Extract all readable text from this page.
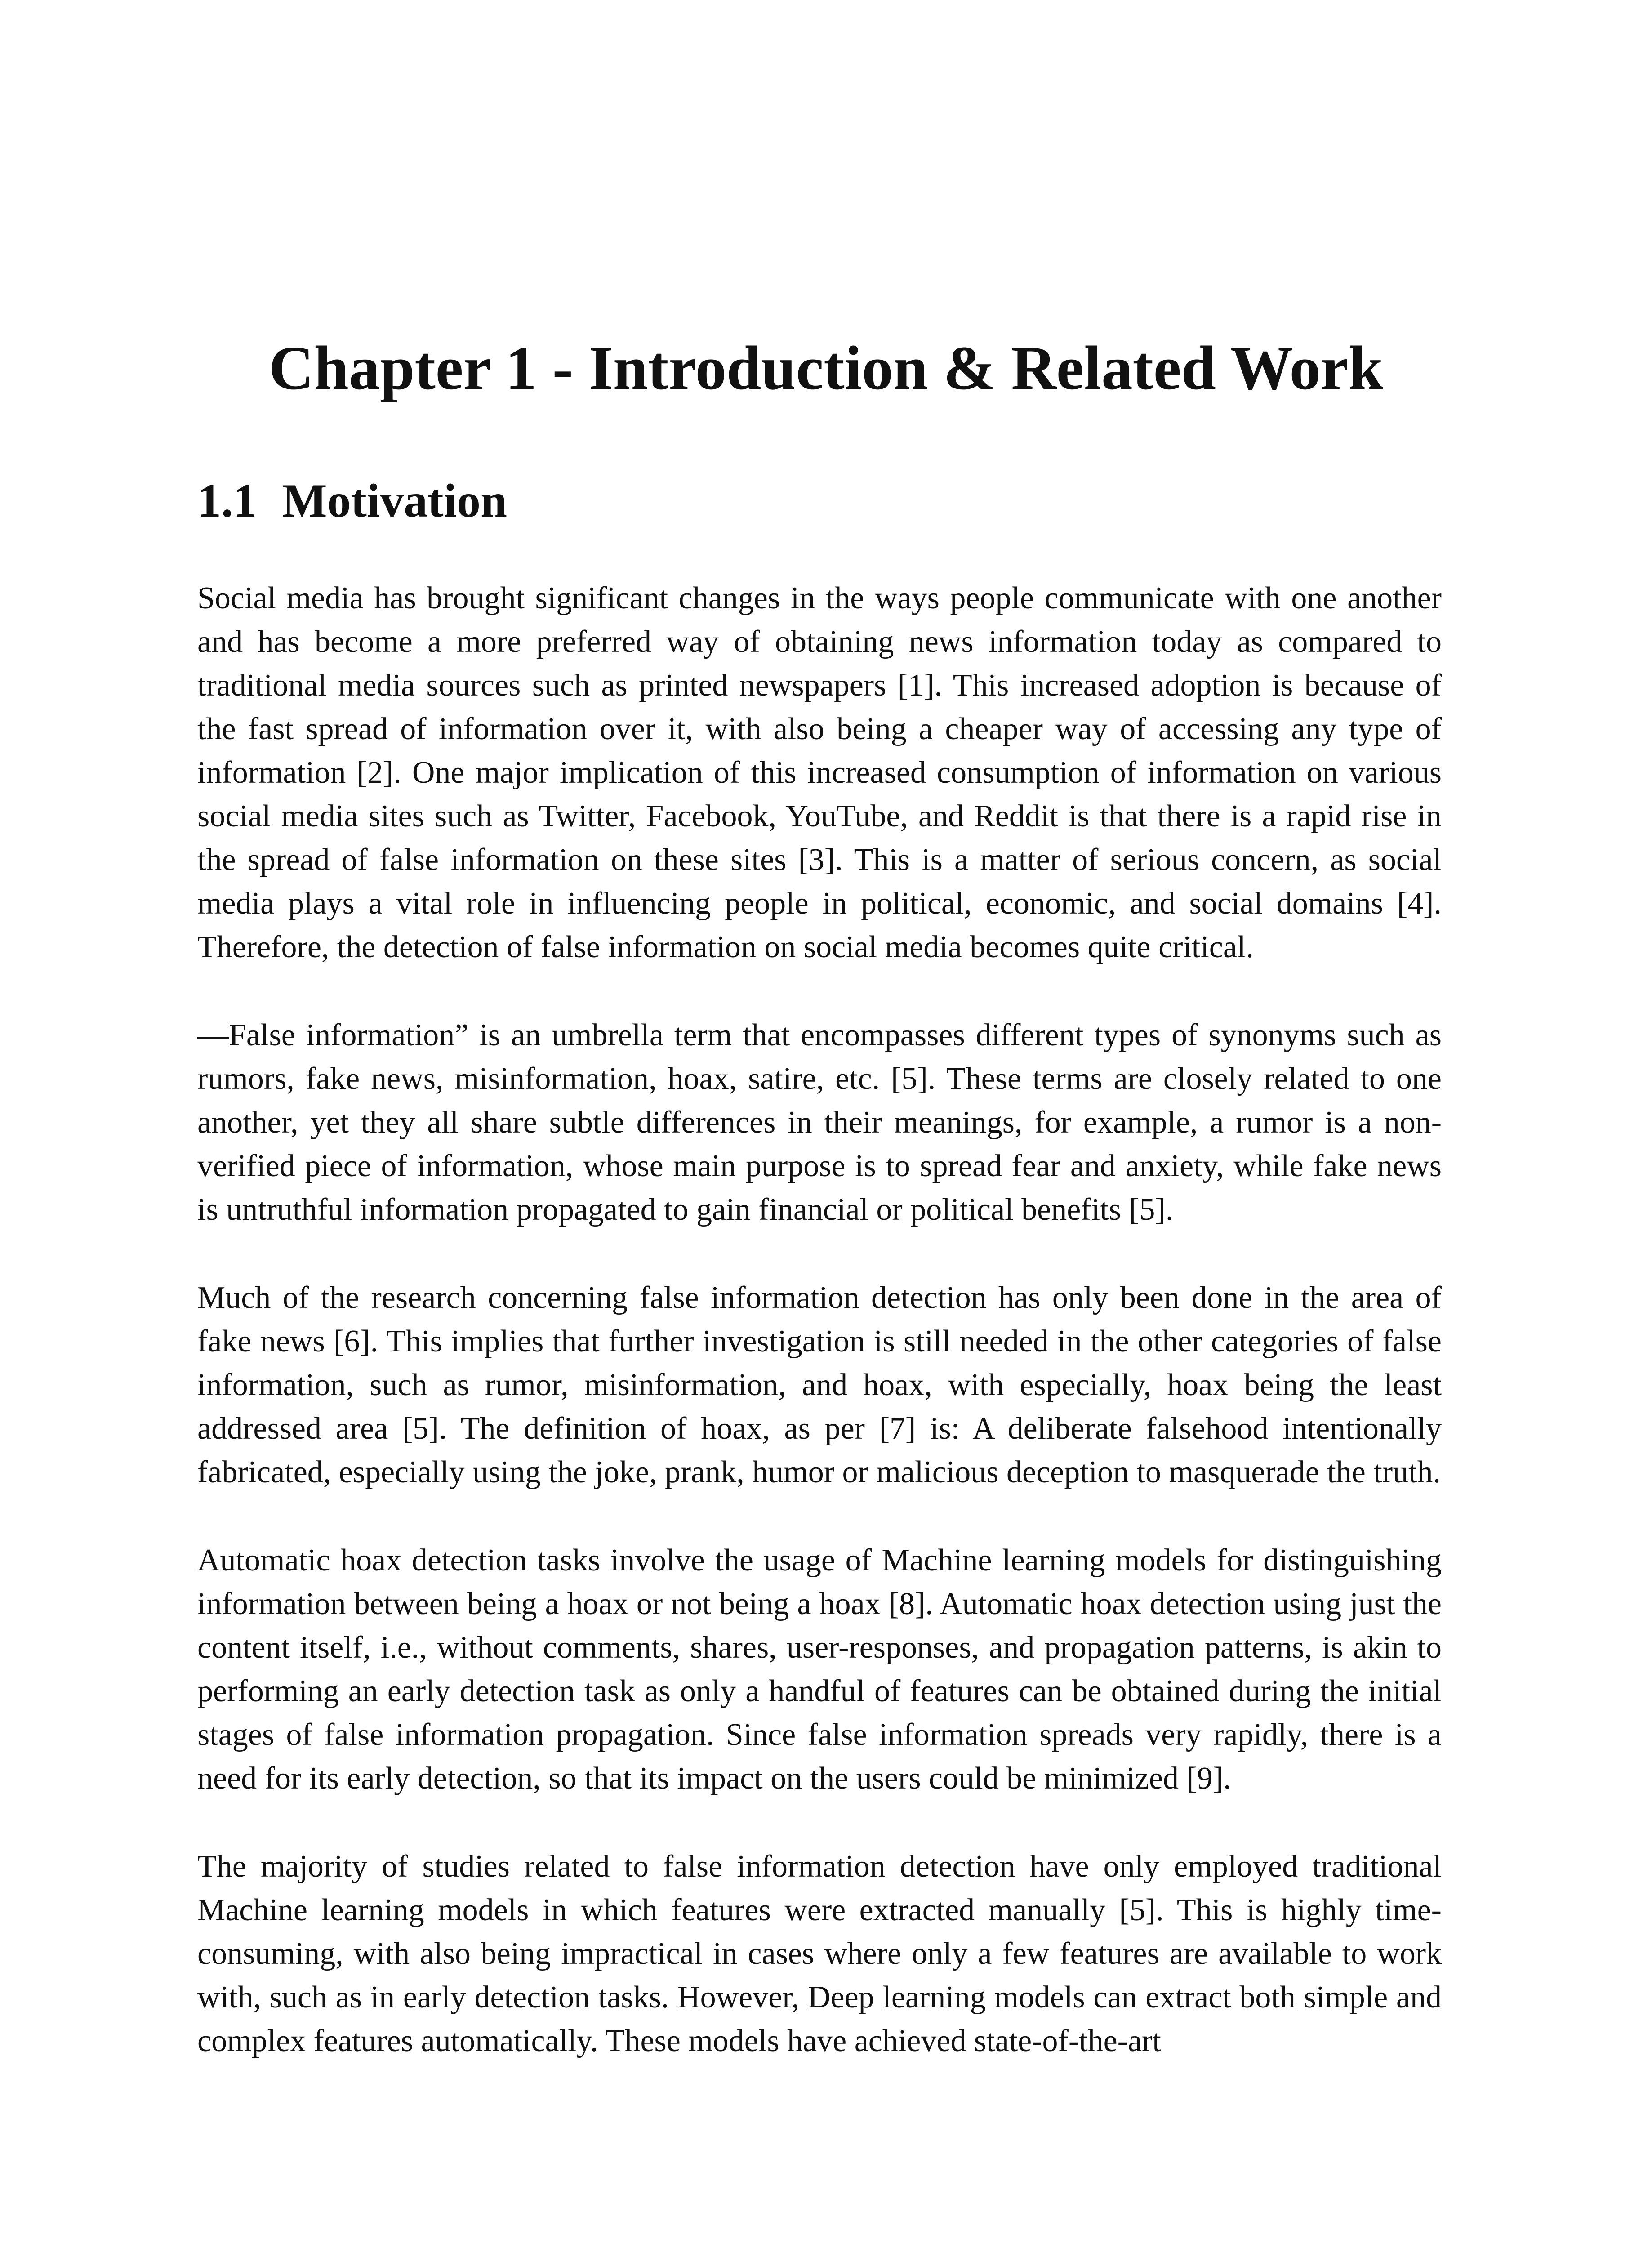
Chapter 1 - Introduction & Related Work
1.1 Motivation

Social media has brought significant changes in the ways people communicate with one another and has become a more preferred way of obtaining news information today as compared to traditional media sources such as printed newspapers [1]. This increased adoption is because of the fast spread of information over it, with also being a cheaper way of accessing any type of information [2]. One major implication of this increased consumption of information on various social media sites such as Twitter, Facebook, YouTube, and Reddit is that there is a rapid rise in the spread of false information on these sites [3]. This is a matter of serious concern, as social media plays a vital role in influencing people in political, economic, and social domains [4]. Therefore, the detection of false information on social media becomes quite critical.

―False information” is an umbrella term that encompasses different types of synonyms such as rumors, fake news, misinformation, hoax, satire, etc. [5]. These terms are closely related to one another, yet they all share subtle differences in their meanings, for example, a rumor is a non-verified piece of information, whose main purpose is to spread fear and anxiety, while fake news is untruthful information propagated to gain financial or political benefits [5].

Much of the research concerning false information detection has only been done in the area of fake news [6]. This implies that further investigation is still needed in the other categories of false information, such as rumor, misinformation, and hoax, with especially, hoax being the least addressed area [5]. The definition of hoax, as per [7] is: A deliberate falsehood intentionally fabricated, especially using the joke, prank, humor or malicious deception to masquerade the truth.

Automatic hoax detection tasks involve the usage of Machine learning models for distinguishing information between being a hoax or not being a hoax [8]. Automatic hoax detection using just the content itself, i.e., without comments, shares, user-responses, and propagation patterns, is akin to performing an early detection task as only a handful of features can be obtained during the initial stages of false information propagation. Since false information spreads very rapidly, there is a need for its early detection, so that its impact on the users could be minimized [9].

The majority of studies related to false information detection have only employed traditional Machine learning models in which features were extracted manually [5]. This is highly time-consuming, with also being impractical in cases where only a few features are available to work with, such as in early detection tasks. However, Deep learning models can extract both simple and complex features automatically. These models have achieved state-of-the-art
